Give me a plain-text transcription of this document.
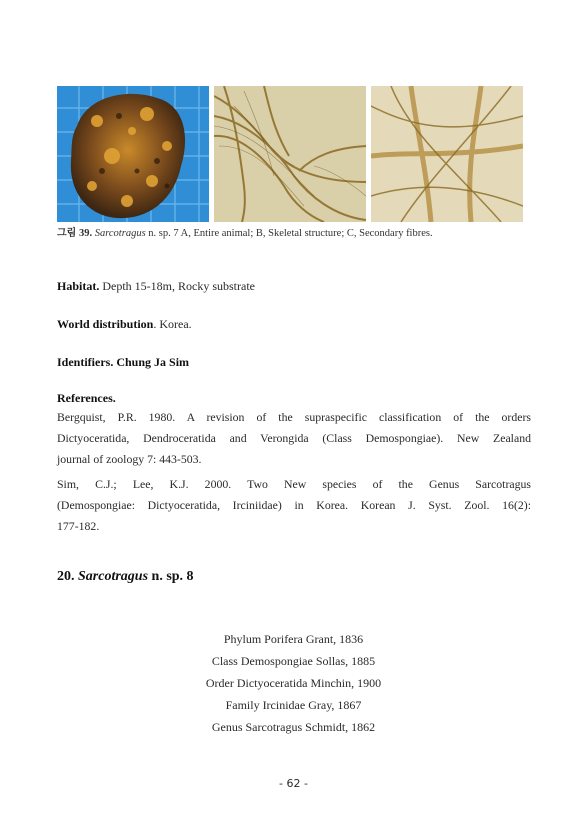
그림 39. Sarcotragus n. sp. 7 A, Entire animal; B, Skeletal structure; C, Secondary fibres.
Habitat. Depth 15-18m, Rocky substrate
World distribution. Korea.
Identifiers. Chung Ja Sim
References.
Bergquist, P.R. 1980. A revision of the supraspecific classification of the orders
Dictyoceratida, Dendroceratida and Verongida (Class Demospongiae). New Zealand
journal of zoology 7: 443-503.
Sim, C.J.; Lee, K.J. 2000. Two New species of the Genus Sarcotragus
(Demospongiae: Dictyoceratida, Irciniidae) in Korea. Korean J. Syst. Zool. 16(2):
177-182.
20. Sarcotragus n. sp. 8
Phylum Porifera Grant, 1836
Class Demospongiae Sollas, 1885
Order Dictyoceratida Minchin, 1900
Family Ircinidae Gray, 1867
Genus Sarcotragus Schmidt, 1862
- 62 -
